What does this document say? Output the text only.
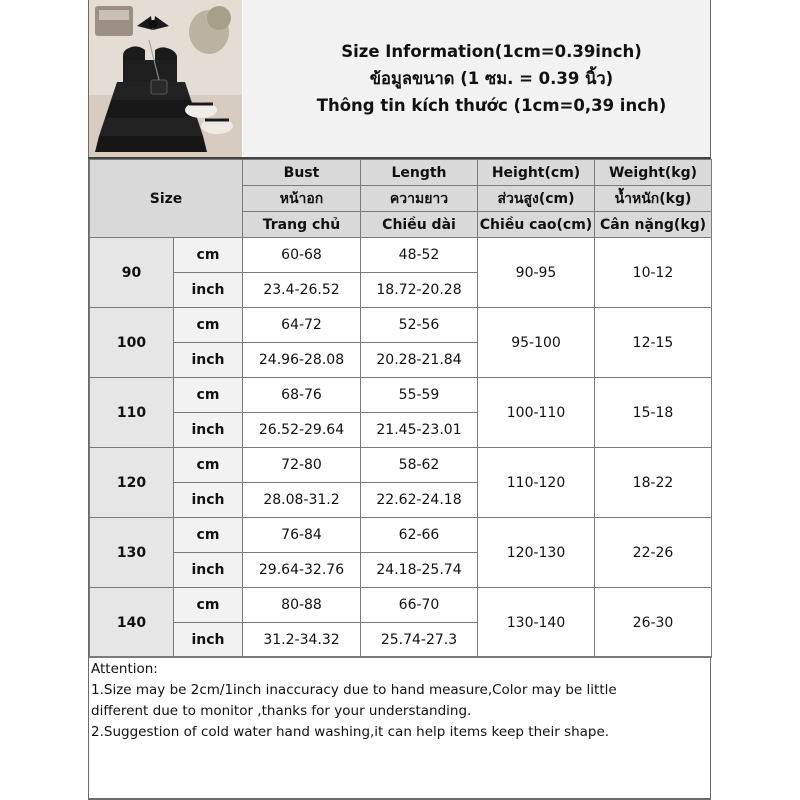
Size Information(1cm=0.39inch)
ข้อมูลขนาด (1 ซม. = 0.39 นิ้ว)
Thông tin kích thước (1cm=0,39 inch)
Size		Bust	Length	Height(cm)	Weight(kg)
		หน้าอก	ความยาว	ส่วนสูง(cm)	น้ำหนัก(kg)
		Trang chủ	Chiều dài	Chiều cao(cm)	Cân nặng(kg)
90	cm	60-68	48-52	90-95	10-12
	inch	23.4-26.52	18.72-20.28		
100	cm	64-72	52-56	95-100	12-15
	inch	24.96-28.08	20.28-21.84		
110	cm	68-76	55-59	100-110	15-18
	inch	26.52-29.64	21.45-23.01		
120	cm	72-80	58-62	110-120	18-22
	inch	28.08-31.2	22.62-24.18		
130	cm	76-84	62-66	120-130	22-26
	inch	29.64-32.76	24.18-25.74		
140	cm	80-88	66-70	130-140	26-30
	inch	31.2-34.32	25.74-27.3		
Attention:
1.Size may be 2cm/1inch inaccuracy due to hand measure,Color may be little
different due to monitor ,thanks for your understanding.
2.Suggestion of cold water hand washing,it can help items keep their shape.
